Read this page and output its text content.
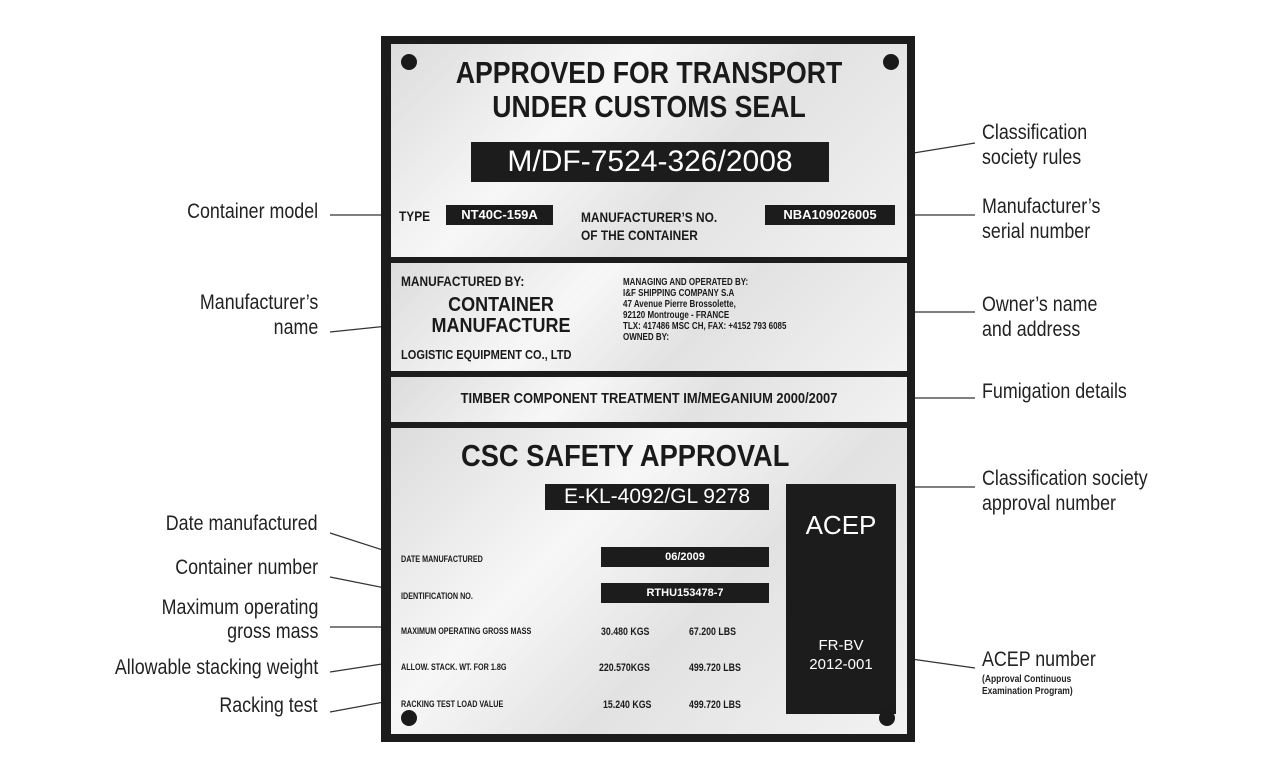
APPROVED FOR TRANSPORT
UNDER CUSTOMS SEAL
M/DF-7524-326/2008
TYPE	NT40C-159A	MANUFACTURER’S NO.
OF THE CONTAINER
NBA109026005
MANUFACTURED BY:
CONTAINER
MANUFACTURE
LOGISTIC EQUIPMENT CO., LTD
MANAGING AND OPERATED BY:
I&F SHIPPING COMPANY S.A
47 Avenue Pierre Brossolette,
92120 Montrouge - FRANCE
TLX: 417486 MSC CH, FAX: +4152 793 6085
OWNED BY:
TIMBER COMPONENT TREATMENT IM/MEGANIUM 2000/2007
CSC SAFETY APPROVAL
E-KL-4092/GL 9278
ACEP
FR-BV
2012-001
DATE MANUFACTURED	06/2009
IDENTIFICATION NO.	RTHU153478-7
MAXIMUM OPERATING GROSS MASS	30.480 KGS	67.200 LBS
ALLOW. STACK. WT. FOR 1.8G	220.570KGS	499.720 LBS
RACKING TEST LOAD VALUE	15.240 KGS	499.720 LBS
Container model
Manufacturer’s
name
Date manufactured
Container number
Maximum operating
gross mass
Allowable stacking weight
Racking test
Classification
society rules
Manufacturer’s
serial number
Owner’s name
and address
Fumigation details
Classification society
approval number
ACEP number
(Approval Continuous
Examination Program)
